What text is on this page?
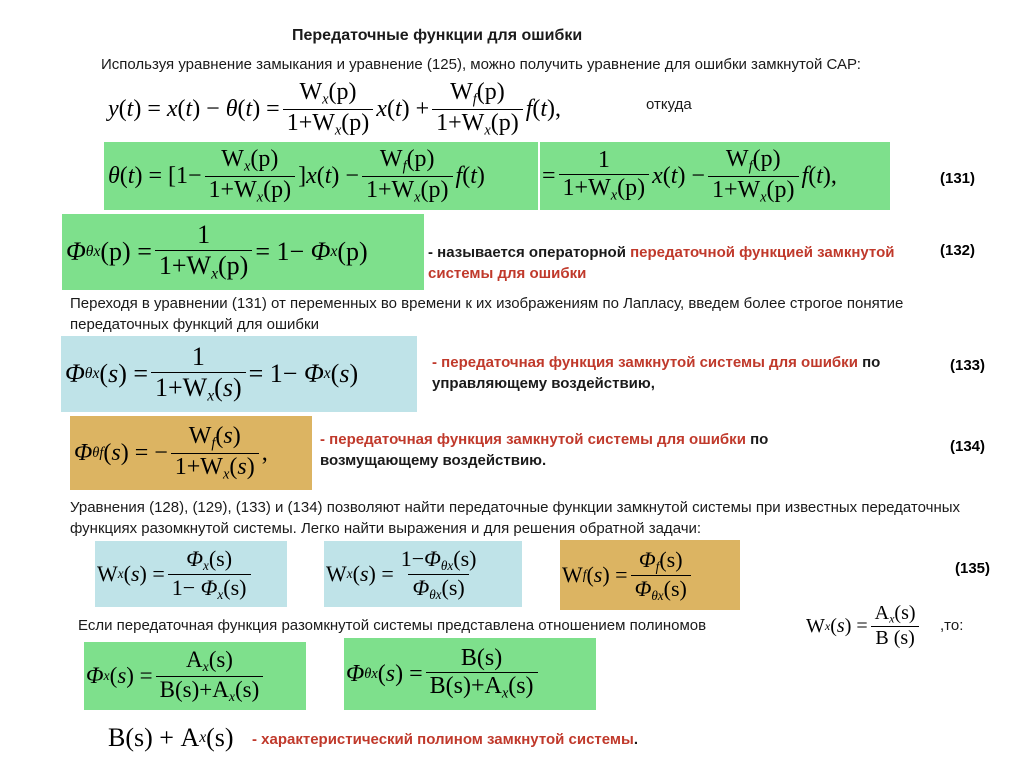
Передаточные функции для ошибки
Используя уравнение замыкания и уравнение (125), можно получить уравнение для ошибки замкнутой САР:
y ( t ) = x ( t ) − θ ( t ) = $\frac{W_x(p)}{1+W_x(p)}$ x ( t ) + $\frac{W_f(p)}{1+W_x(p)}$ f ( t ),	откуда
θ ( t ) = [$1- \frac{W_x(p)}{1+W_x(p)}$ ] x ( t ) − $\frac{W_f(p)}{1+W_x(p)}$ f ( t ) = $\frac{1}{1+W_x(p)}$ x ( t ) − $\frac{W_f(p)}{1+W_x(p)}$ f ( t ),	(131)
Φ θx $(p) = \frac{1}{1+W_x(p)} = 1- \Phi$ x (p)	- называется операторной передаточной функцией замкнутой системы для ошибки
(132)
Переходя в уравнении (131) от переменных во времени к их изображениям по Лапласу, введем более строгое понятие передаточных функций для ошибки
Φ θx ( s ) = $\frac{1}{1+W_x(s)} = 1- \Phi$ x ( s )	- передаточная функция замкнутой системы для ошибки по управляющему воздействию,
(133)
Φ θf ( s ) = − $\frac{W_f(s)}{1+W_x(s)}$ ,	- передаточная функция замкнутой системы для ошибки по возмущающему воздействию.
(134)
Уравнения (128), (129), (133) и (134) позволяют найти передаточные функции замкнутой системы при известных передаточных функциях разомкнутой системы. Легко найти выражения и для решения обратной задачи:
W x ( s ) = $\frac{\Phi_x(s)}{1- \Phi_x(s)}$	W x ( s ) = $\frac{1-\Phi_{\theta x}(s)}{\Phi_{\theta x}(s)}$	W f ( s ) = $\frac{\Phi_f(s)}{\Phi_{\theta x}(s)}$	(135)
Если передаточная функция разомкнутой системы представлена отношением полиномов	W x ( s ) = $\frac{A_x(s)}{B (s)} ,то$:
Φ x ( s ) = $\frac{A_x(s)}{B(s)+A_x(s)}$	Φ θx ( s ) = $\frac{B(s)}{B(s)+A_x(s)}$
B(s) + A x (s) - характеристический полином замкнутой системы.
